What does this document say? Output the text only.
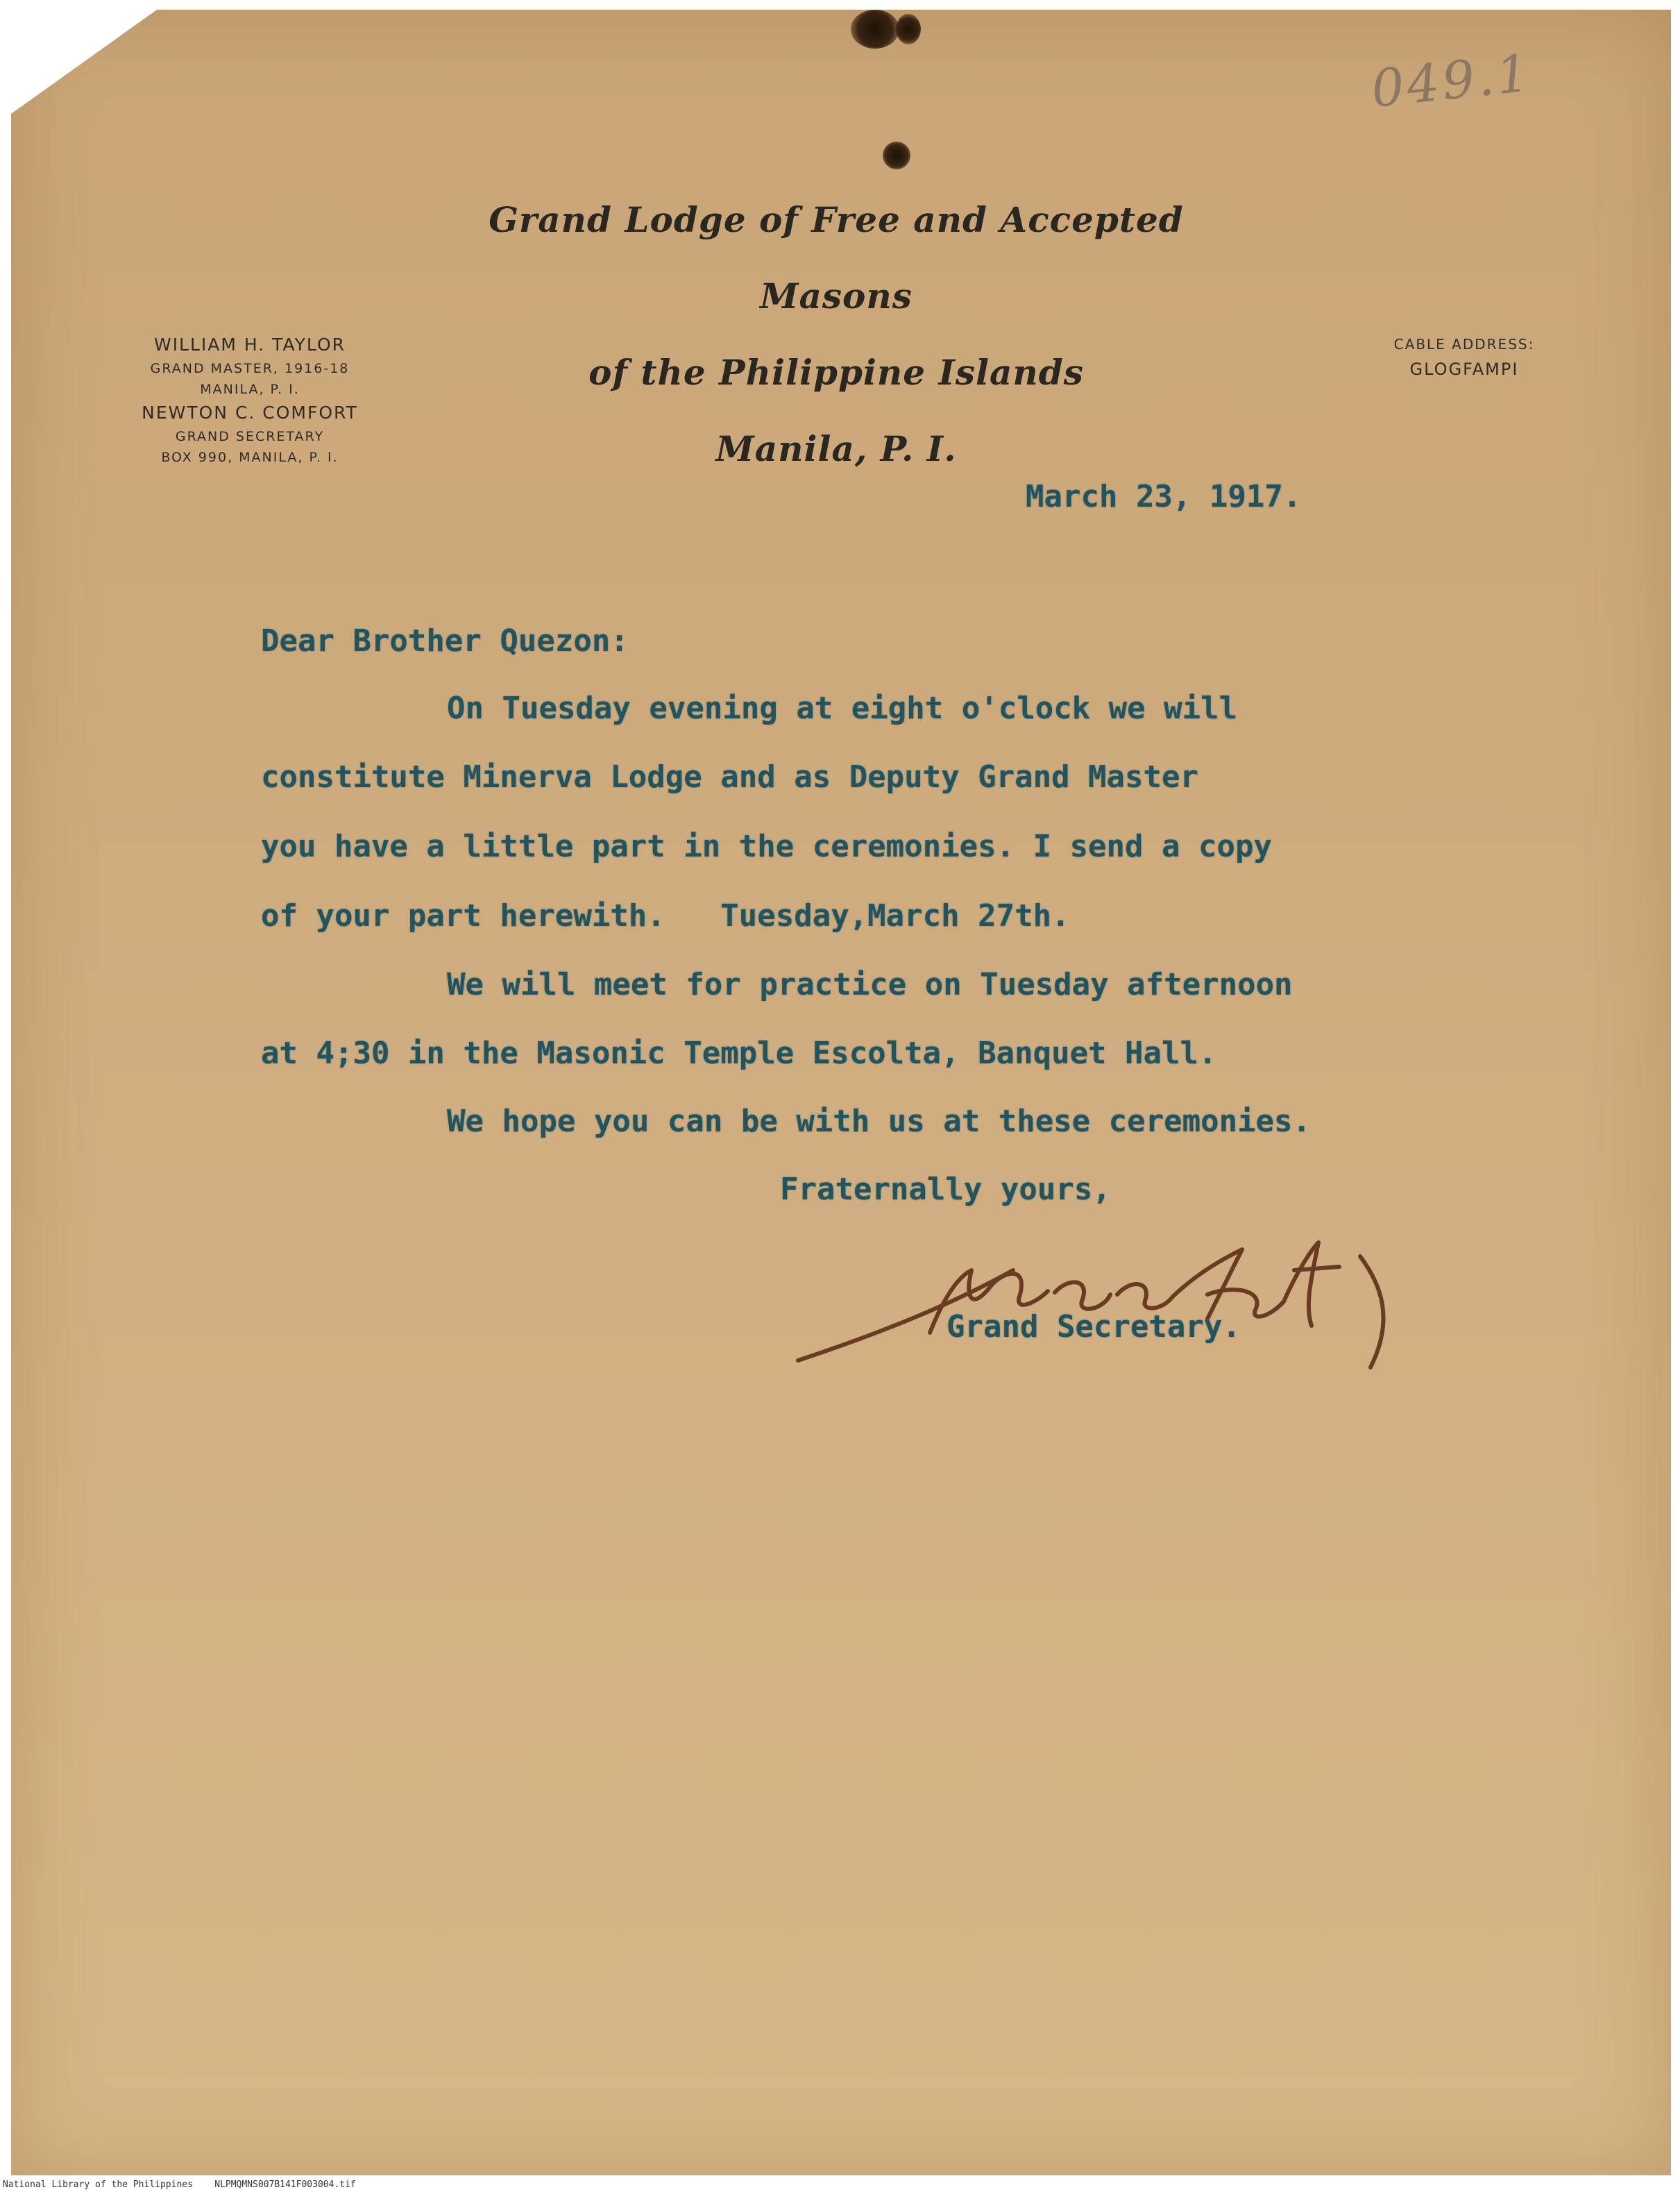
049.1
Grand Lodge of Free and Accepted Masons
of the Philippine Islands
Manila, P. I.
WILLIAM H. TAYLOR
GRAND MASTER, 1916-18
MANILA, P. I.
NEWTON C. COMFORT
GRAND SECRETARY
BOX 990, MANILA, P. I.
CABLE ADDRESS:
GLOGFAMPI
March 23, 1917.
Dear Brother Quezon:
On Tuesday evening at eight o'clock we will
constitute Minerva Lodge and as Deputy Grand Master
you have a little part in the ceremonies. I send a copy
of your part herewith.   Tuesday,March 27th.
We will meet for practice on Tuesday afternoon
at 4;30 in the Masonic Temple Escolta, Banquet Hall.
We hope you can be with us at these ceremonies.
Fraternally yours,
Grand Secretary.
National Library of the Philippines NLPMQMNS007B141F003004.tif
